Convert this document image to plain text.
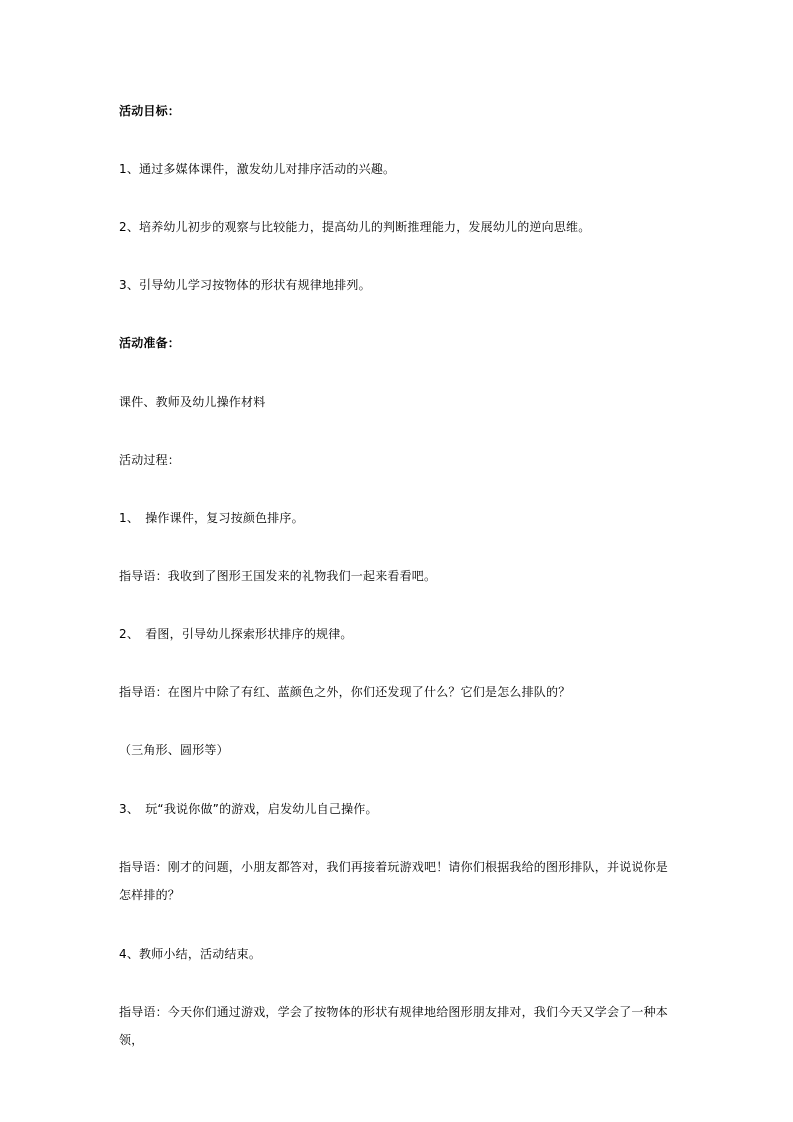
活动目标：
1、通过多媒体课件，激发幼儿对排序活动的兴趣。
2、培养幼儿初步的观察与比较能力，提高幼儿的判断推理能力，发展幼儿的逆向思维。
3、引导幼儿学习按物体的形状有规律地排列。
活动准备：
课件、教师及幼儿操作材料
活动过程：
1、　操作课件，复习按颜色排序。
指导语：我收到了图形王国发来的礼物我们一起来看看吧。
2、　看图，引导幼儿探索形状排序的规律。
指导语：在图片中除了有红、蓝颜色之外，你们还发现了什么？它们是怎么排队的？
（三角形、圆形等）
3、　玩“我说你做”的游戏，启发幼儿自己操作。
指导语：刚才的问题，小朋友都答对，我们再接着玩游戏吧！请你们根据我给的图形排队，并说说你是怎样排的？
4、教师小结，活动结束。
指导语：今天你们通过游戏，学会了按物体的形状有规律地给图形朋友排对，我们今天又学会了一种本领，
